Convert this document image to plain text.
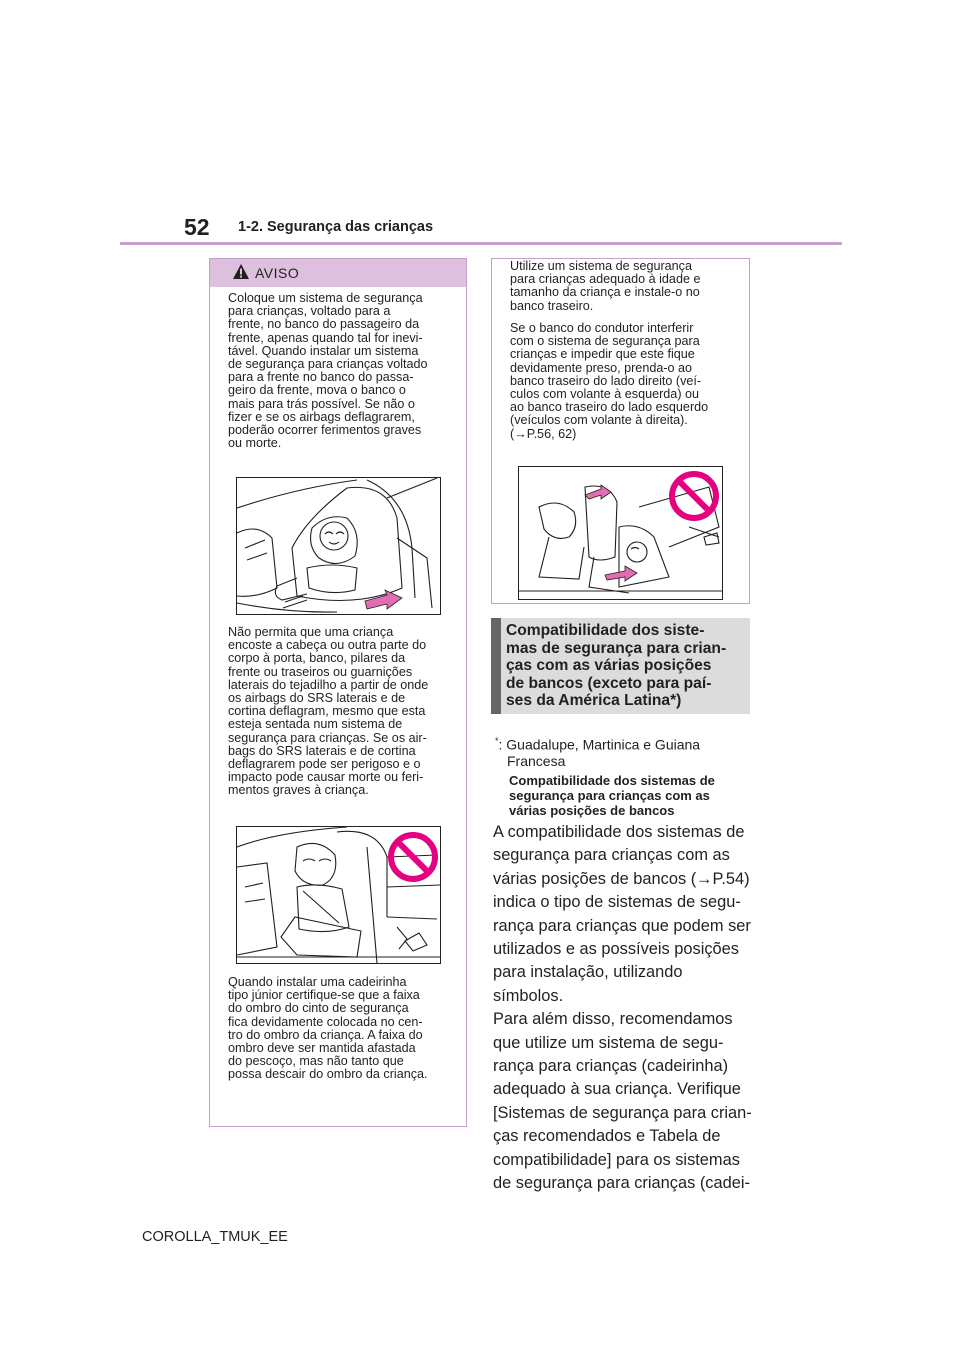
52 1-2. Segurança das crianças
AVISO

Coloque um sistema de segurança

para crianças, voltado para a

frente, no banco do passageiro da

frente, apenas quando tal for inevi-

tável. Quando instalar um sistema

de segurança para crianças voltado

para a frente no banco do passa-

geiro da frente, mova o banco o

mais para trás possível. Se não o

fizer e se os airbags deflagrarem,

poderão ocorrer ferimentos graves

ou morte.

Não permita que uma criança

encoste a cabeça ou outra parte do

corpo à porta, banco, pilares da

frente ou traseiros ou guarnições

laterais do tejadilho a partir de onde

os airbags do SRS laterais e de

cortina deflagram, mesmo que esta

esteja sentada num sistema de

segurança para crianças. Se os air-

bags do SRS laterais e de cortina

deflagrarem pode ser perigoso e o

impacto pode causar morte ou feri-

mentos graves à criança.

Quando instalar uma cadeirinha

tipo júnior certifique-se que a faixa

do ombro do cinto de segurança

fica devidamente colocada no cen-

tro do ombro da criança. A faixa do

ombro deve ser mantida afastada

do pescoço, mas não tanto que

possa descair do ombro da criança.

Utilize um sistema de segurança

para crianças adequado à idade e

tamanho da criança e instale-o no

banco traseiro.

Se o banco do condutor interferir

com o sistema de segurança para

crianças e impedir que este fique

devidamente preso, prenda-o ao

banco traseiro do lado direito (veí-

culos com volante à esquerda) ou

ao banco traseiro do lado esquerdo

(veículos com volante à direita).

(→P.56, 62)

Compatibilidade dos siste-
mas de segurança para crian-
ças com as várias posições
de bancos (exceto para paí-
ses da América Latina*)
*: Guadalupe, Martinica e Guiana
Francesa
Compatibilidade dos sistemas de
segurança para crianças com as
várias posições de bancos
A compatibilidade dos sistemas de
segurança para crianças com as
várias posições de bancos (→P.54)
indica o tipo de sistemas de segu-
rança para crianças que podem ser
utilizados e as possíveis posições
para instalação, utilizando símbolos.
Para além disso, recomendamos
que utilize um sistema de segu-
rança para crianças (cadeirinha)
adequado à sua criança. Verifique
[Sistemas de segurança para crian-
ças recomendados e Tabela de
compatibilidade] para os sistemas
de segurança para crianças (cadei-
COROLLA_TMUK_EE
